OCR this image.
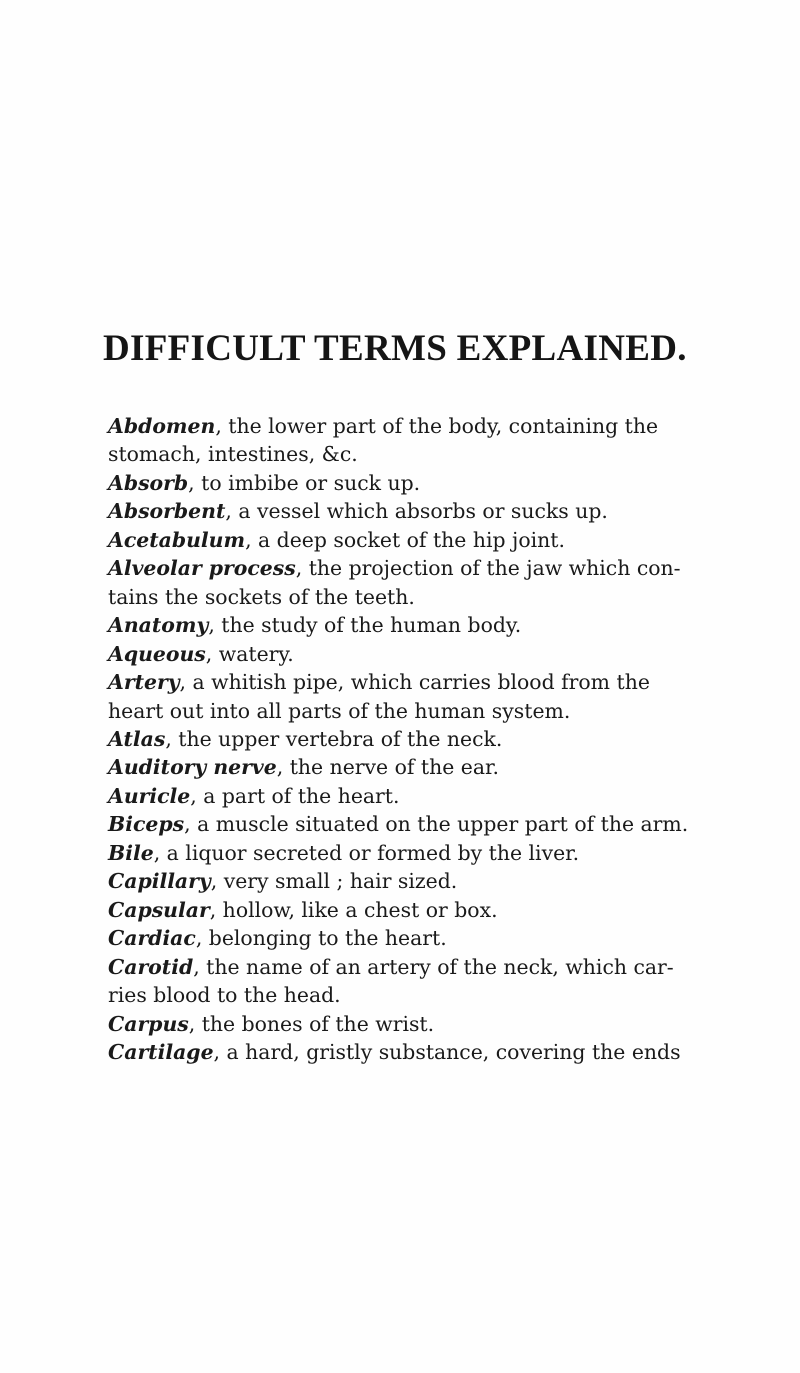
DIFFICULT TERMS EXPLAINED.
Abdomen, the lower part of the body, containing the
stomach, intestines, &c.
Absorb, to imbibe or suck up.
Absorbent, a vessel which absorbs or sucks up.
Acetabulum, a deep socket of the hip joint.
Alveolar process, the projection of the jaw which con-
tains the sockets of the teeth.
Anatomy, the study of the human body.
Aqueous, watery.
Artery, a whitish pipe, which carries blood from the
heart out into all parts of the human system.
Atlas, the upper vertebra of the neck.
Auditory nerve, the nerve of the ear.
Auricle, a part of the heart.
Biceps, a muscle situated on the upper part of the arm.
Bile, a liquor secreted or formed by the liver.
Capillary, very small ; hair sized.
Capsular, hollow, like a chest or box.
Cardiac, belonging to the heart.
Carotid, the name of an artery of the neck, which car-
ries blood to the head.
Carpus, the bones of the wrist.
Cartilage, a hard, gristly substance, covering the ends
